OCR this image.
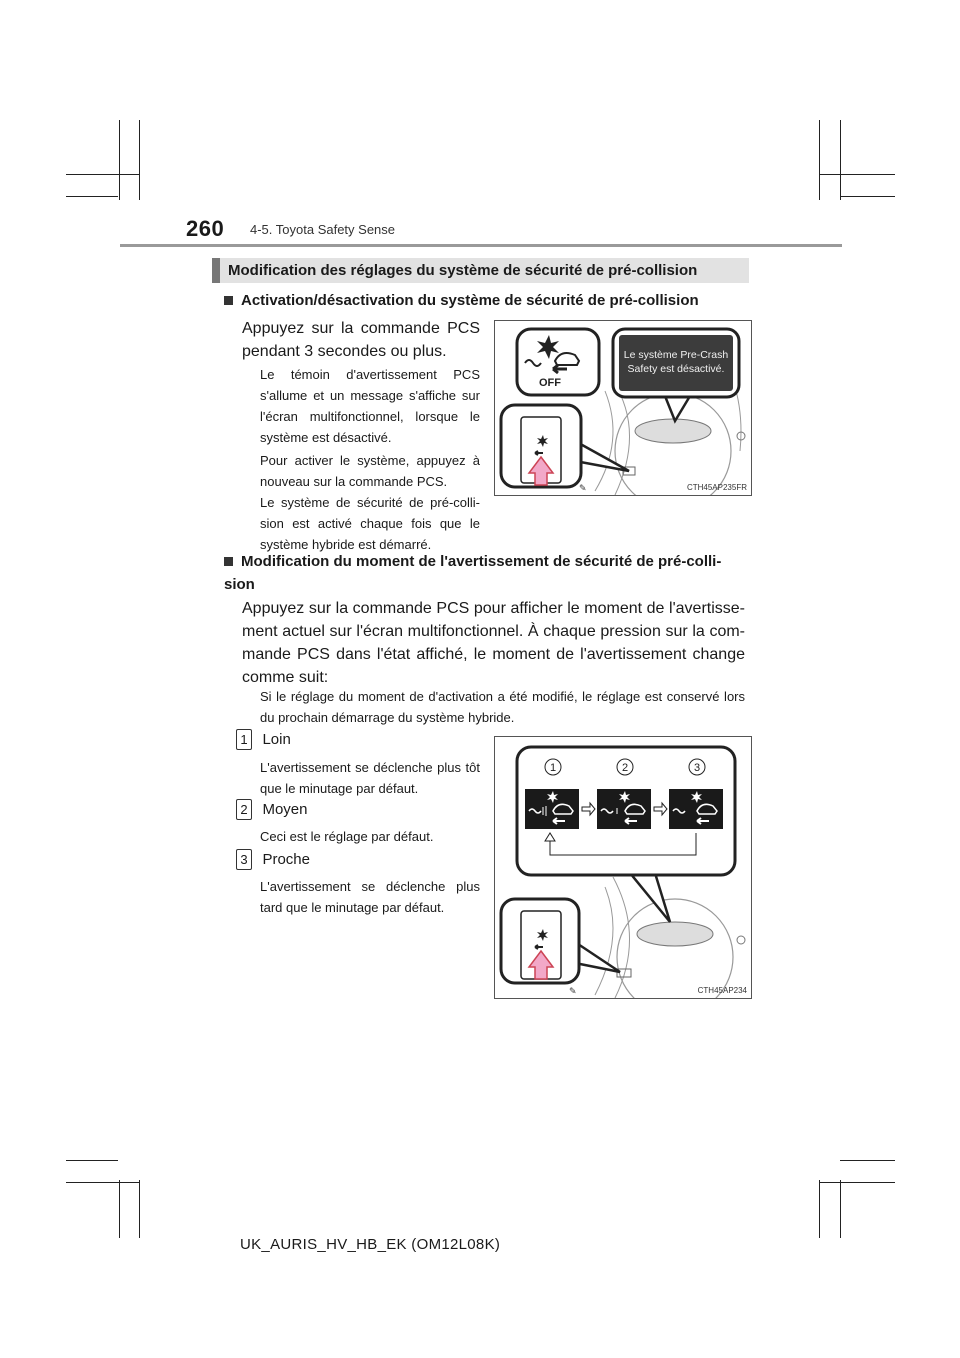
260 4-5. Toyota Safety Sense
Modification des réglages du système de sécurité de pré-collision
Activation/désactivation du système de sécurité de pré-collision
Appuyez sur la commande PCS pendant 3 secondes ou plus.
Le témoin d'avertissement PCS s'allume et un message s'affiche sur l'écran multifonctionnel, lorsque le système est désactivé.
Pour activer le système, appuyez à nouveau sur la commande PCS.
Le système de sécurité de pré-colli- sion est activé chaque fois que le système hybride est démarré.
Le système Pre-Crash
Safety est désactivé.
OFF
CTH45AP235FR
✎
Modification du moment de l'avertissement de sécurité de pré-colli- sion
Appuyez sur la commande PCS pour afficher le moment de l'avertisse- ment actuel sur l'écran multifonctionnel. À chaque pression sur la com- mande PCS dans l'état affiché, le moment de l'avertissement change comme suit:
Si le réglage du moment de d'activation a été modifié, le réglage est conservé lors du prochain démarrage du système hybride.
1 Loin
L'avertissement se déclenche plus tôt que le minutage par défaut.
2 Moyen
Ceci est le réglage par défaut.
3 Proche
L'avertissement se déclenche plus tard que le minutage par défaut.
1	2	3
CTH45AP234
✎
UK_AURIS_HV_HB_EK (OM12L08K)
